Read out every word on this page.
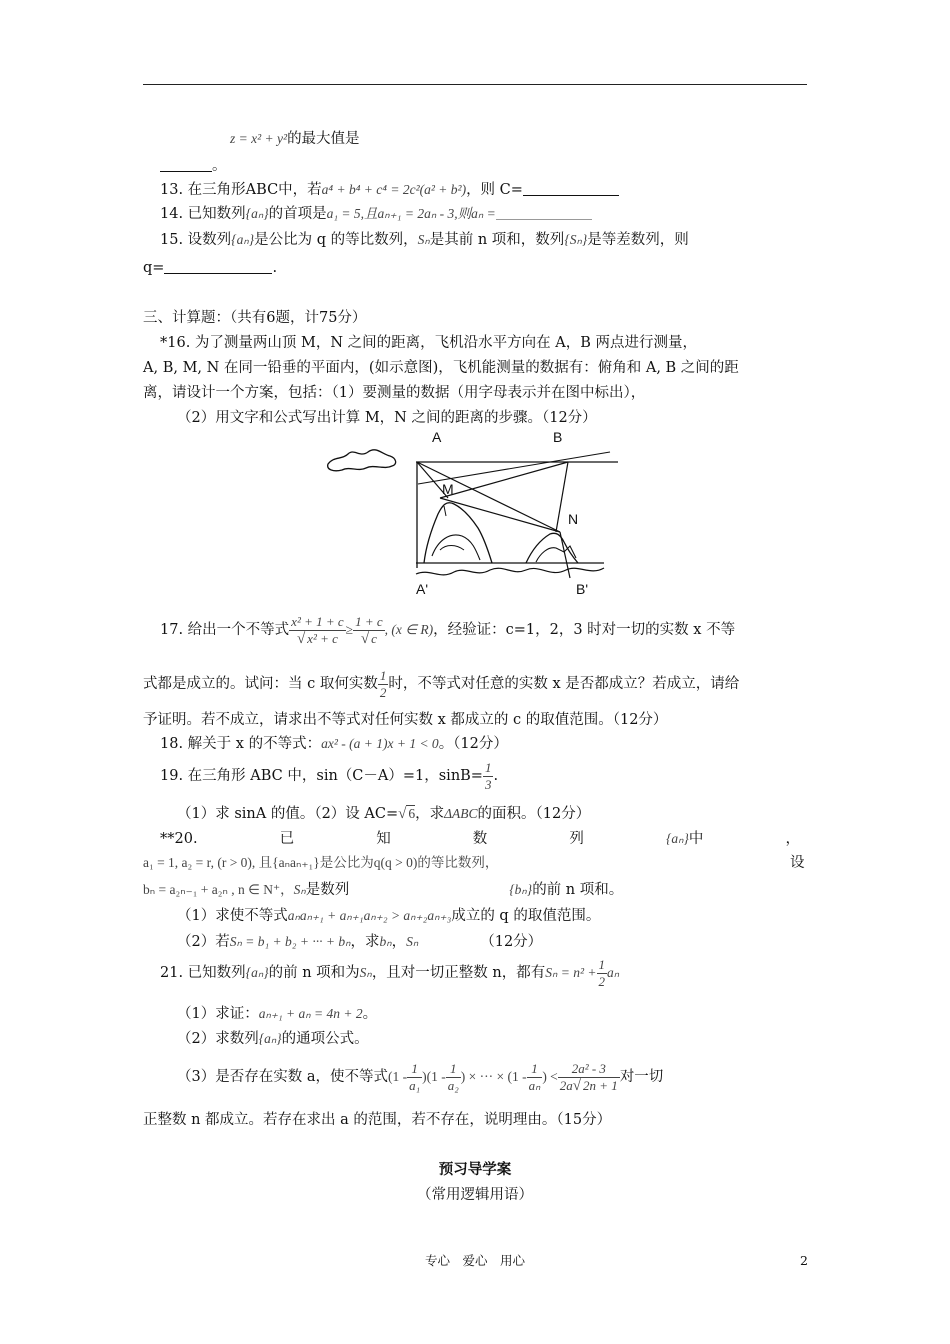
z = x² + y²的最大值是
。
13. 在三角形ABC中，若a⁴ + b⁴ + c⁴ = 2c²(a² + b²)，则 C=
14. 已知数列{aₙ}的首项是a₁ = 5,且aₙ₊₁ = 2aₙ - 3,则aₙ =
15. 设数列{aₙ}是公比为 q 的等比数列，Sₙ是其前 n 项和，数列{Sₙ}是等差数列，则
q=	.
三、计算题：（共有6题，计75分）
*16. 为了测量两山顶 M，N 之间的距离，飞机沿水平方向在 A，B 两点进行测量，
A, B, M, N 在同一铅垂的平面内，(如示意图)，飞机能测量的数据有：俯角和 A, B 之间的距
离，请设计一个方案，包括：（1）要测量的数据（用字母表示并在图中标出），
（2）用文字和公式写出计算 M，N 之间的距离的步骤。（12分）
A	B
M
N
A'	B'
17. 给出一个不等式 $\frac{\text{x² + 1 + c}}{\text{√ x² + c}} \ge \frac{1 + c}{√ c}$ , (x ∈ R)，经验证：c=1，2，3 时对一切的实数 x 不等
式都是成立的。试问：当 c 取何实数 $\frac{1}{2}$ 时，不等式对任意的实数 x 是否都成立？若成立，请给
予证明。若不成立，请求出不等式对任何实数 x 都成立的 c 的取值范围。（12分）
18. 解关于 x 的不等式：ax² - (a + 1)x + 1 < 0。（12分）
19. 在三角形 ABC 中，sin（C－A）=1，$\sin B= \frac{1}{3}$ .
（1）求 sinA 的值。（2）设 AC=√ 6，求ΔABC的面积。（12分）
**20.	已	知	数	列	{aₙ}中	，
a₁ = 1, a₂ = r, (r > 0), 且{aₙaₙ₊₁}是公比为q(q > 0)的等比数列，	设
bₙ = a₂ₙ₋₁ + a₂ₙ , n ∈ N⁺，Sₙ是数列	{bₙ}的前 n 项和。
（1）求使不等式aₙaₙ₊₁ + aₙ₊₁aₙ₊₂ > aₙ₊₂aₙ₊₃成立的 q 的取值范围。
（2）若Sₙ = b₁ + b₂ + ··· + bₙ，求bₙ，Sₙ	（12分）
21. 已知数列{aₙ}的前 n 项和为Sₙ，且对一切正整数 n，都有$S_n = n^2 + \frac{1}{2}$ aₙ
（1）求证：aₙ₊₁ + aₙ = 4n + 2。
（2）求数列{aₙ}的通项公式。
（3）是否存在实数 a，使不等式$(1 - \frac{1}{\text{a₁}} )(1 - \frac{1}{\text{a₂}}$ ) × ··· × ($1 - \frac{1}{\text{aₙ}}$ ) < $\frac{\text{2a² - 3}}{2a√ 2n + 1}$ 对一切
正整数 n 都成立。若存在求出 a 的范围，若不存在，说明理由。（15分）
预习导学案
（常用逻辑用语）
专心　爱心　用心	2
